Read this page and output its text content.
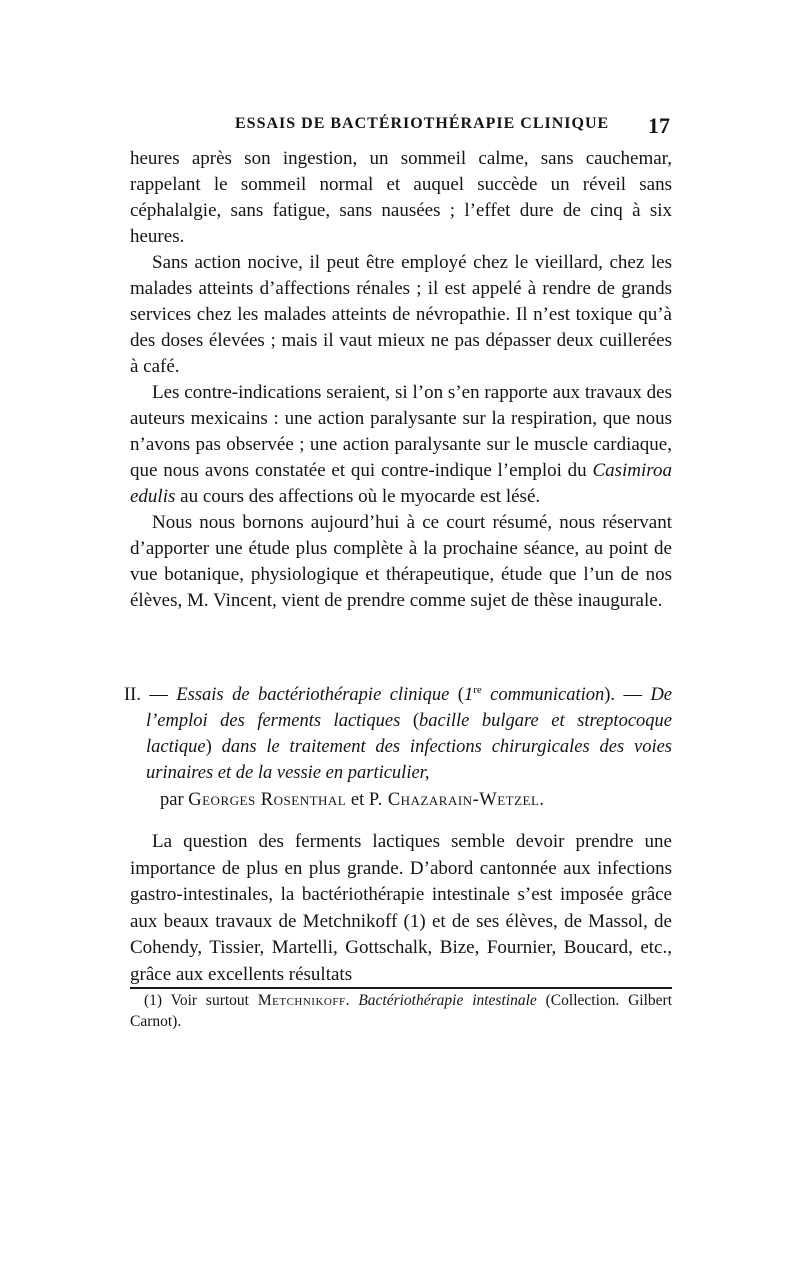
ESSAIS DE BACTÉRIOTHÉRAPIE CLINIQUE 17

heures après son ingestion, un sommeil calme, sans cauchemar, rappelant le sommeil normal et auquel succède un réveil sans céphalalgie, sans fatigue, sans nausées ; l’effet dure de cinq à six heures.

Sans action nocive, il peut être employé chez le vieillard, chez les malades atteints d’affections rénales ; il est appelé à rendre de grands services chez les malades atteints de névropathie. Il n’est toxique qu’à des doses élevées ; mais il vaut mieux ne pas dépasser deux cuillerées à café.

Les contre-indications seraient, si l’on s’en rapporte aux travaux des auteurs mexicains : une action paralysante sur la respiration, que nous n’avons pas observée ; une action paralysante sur le muscle cardiaque, que nous avons constatée et qui contre-indique l’emploi du Casimiroa edulis au cours des affections où le myocarde est lésé.

Nous nous bornons aujourd’hui à ce court résumé, nous réservant d’apporter une étude plus complète à la prochaine séance, au point de vue botanique, physiologique et thérapeutique, étude que l’un de nos élèves, M. Vincent, vient de prendre comme sujet de thèse inaugurale.

II. — Essais de bactériothérapie clinique (1re communication). — De l’emploi des ferments lactiques (bacille bulgare et streptocoque lactique) dans le traitement des infections chirurgicales des voies urinaires et de la vessie en particulier,

par Georges Rosenthal et P. Chazarain-Wetzel.

La question des ferments lactiques semble devoir prendre une importance de plus en plus grande. D’abord cantonnée aux infections gastro-intestinales, la bactériothérapie intestinale s’est imposée grâce aux beaux travaux de Metchnikoff (1) et de ses élèves, de Massol, de Cohendy, Tissier, Martelli, Gottschalk, Bize, Fournier, Boucard, etc., grâce aux excellents résultats

(1) Voir surtout Metchnikoff. Bactériothérapie intestinale (Collection. Gilbert Carnot).
